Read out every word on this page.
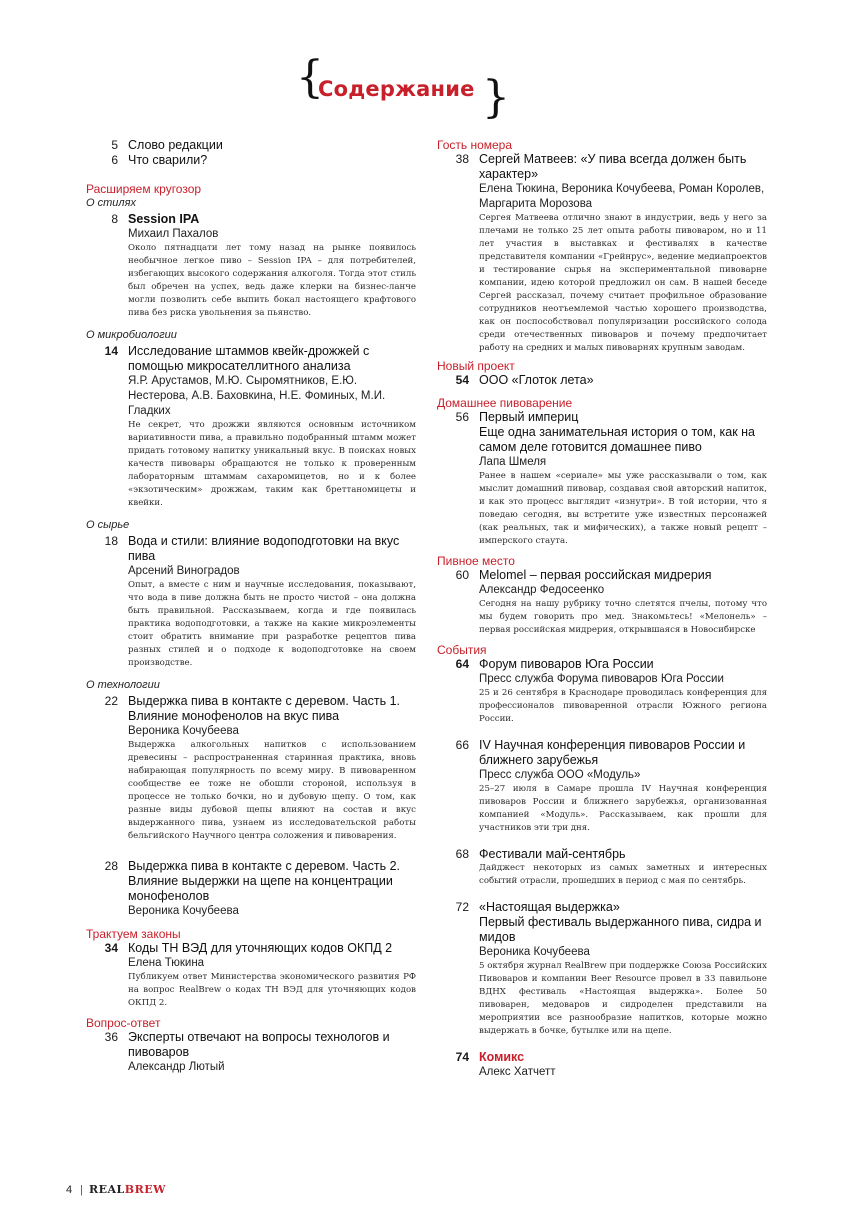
{
Содержание }
5 Слово редакции
6 Что сварили?
Расширяем кругозор
О стилях
8 Session IPA
Михаил Пахалов
Около пятнадцати лет тому назад на рынке появилось необычное легкое пиво – Session IPA – для потребителей, избегающих высокого содержания алкоголя. Тогда этот стиль был обречен на успех, ведь даже клерки на бизнес-ланче могли позволить себе выпить бокал настоящего крафтового пива без риска увольнения за пьянство.
О микробиологии
14 Исследование штаммов квейк-дрожжей с помощью микросателлитного анализа
Я.Р. Арустамов, М.Ю. Сыромятников, Е.Ю. Нестерова, А.В. Баховкина, Н.Е. Фоминых, М.И. Гладких
Не секрет, что дрожжи являются основным источником вариативности пива, а правильно подобранный штамм может придать готовому напитку уникальный вкус. В поисках новых качеств пивовары обращаются не только к проверенным лабораторным штаммам сахаромицетов, но и к более «экзотическим» дрожжам, таким как бреттаномицеты и квейки.
О сырье
18 Вода и стили: влияние водоподготовки на вкус пива
Арсений Виноградов
Опыт, а вместе с ним и научные исследования, показывают, что вода в пиве должна быть не просто чистой – она должна быть правильной. Рассказываем, когда и где появилась практика водоподготовки, а также на какие микроэлементы стоит обратить внимание при разработке рецептов пива разных стилей и о подходе к водоподготовке на своем производстве.
О технологии
22 Выдержка пива в контакте с деревом. Часть 1. Влияние монофенолов на вкус пива
Вероника Кочубеева
Выдержка алкогольных напитков с использованием древесины – распространенная старинная практика, вновь набирающая популярность по всему миру. В пивоваренном сообществе ее тоже не обошли стороной, используя в процессе не только бочки, но и дубовую щепу. О том, как разные виды дубовой щепы влияют на состав и вкус выдержанного пива, узнаем из исследовательской работы бельгийского Научного центра соложения и пивоварения.
28 Выдержка пива в контакте с деревом. Часть 2. Влияние выдержки на щепе на концентрации монофенолов
Вероника Кочубеева
Трактуем законы
34 Коды ТН ВЭД для уточняющих кодов ОКПД 2
Елена Тюкина
Публикуем ответ Министерства экономического развития РФ на вопрос RealBrew о кодах ТН ВЭД для уточняющих кодов ОКПД 2.
Вопрос-ответ
36 Эксперты отвечают на вопросы технологов и пивоваров
Александр Лютый
Гость номера
38 Сергей Матвеев: «У пива всегда должен быть характер»
Елена Тюкина, Вероника Кочубеева, Роман Королев, Маргарита Морозова
Сергея Матвеева отлично знают в индустрии, ведь у него за плечами не только 25 лет опыта работы пивоваром, но и 11 лет участия в выставках и фестивалях в качестве представителя компании «Грейнрус», ведение медиапроектов и тестирование сырья на экспериментальной пивоварне компании, идею которой предложил он сам. В нашей беседе Сергей рассказал, почему считает профильное образование сотрудников неотъемлемой частью хорошего производства, как он поспособствовал популяризации российского солода среди отечественных пивоваров и почему предпочитает работу на средних и малых пивоварнях крупным заводам.
Новый проект
54 ООО «Глоток лета»
Домашнее пивоварение
56 Первый империц
Еще одна занимательная история о том, как на самом деле готовится домашнее пиво
Лапа Шмеля
Ранее в нашем «сериале» мы уже рассказывали о том, как мыслит домашний пивовар, создавая свой авторский напиток, и как это процесс выглядит «изнутри». В той истории, что я поведаю сегодня, вы встретите уже известных персонажей (как реальных, так и мифических), а также новый рецепт – имперского стаута.
Пивное место
60 Melomel – первая российская мидрерия
Александр Федосеенко
Сегодня на нашу рубрику точно слетятся пчелы, потому что мы будем говорить про мед. Знакомьтесь! «Мелонель» – первая российская мидрерия, открывшаяся в Новосибирске
События
64 Форум пивоваров Юга России
Пресс служба Форума пивоваров Юга России
25 и 26 сентября в Краснодаре проводилась конференция для профессионалов пивоваренной отрасли Южного региона России.
66 IV Научная конференция пивоваров России и ближнего зарубежья
Пресс служба ООО «Модуль»
25–27 июля в Самаре прошла IV Научная конференция пивоваров России и ближнего зарубежья, организованная компанией «Модуль». Рассказываем, как прошли для участников эти три дня.
68 Фестивали май-сентябрь
Дайджест некоторых из самых заметных и интересных событий отрасли, прошедших в период с мая по сентябрь.
72 «Настоящая выдержка»
Первый фестиваль выдержанного пива, сидра и мидов
Вероника Кочубеева
5 октября журнал RealBrew при поддержке Союза Российских Пивоваров и компании Beer Resource провел в 33 павильоне ВДНХ фестиваль «Настоящая выдержка». Более 50 пивоварен, медоваров и сидроделен представили на мероприятии все разнообразие напитков, которые можно выдержать в бочке, бутылке или на щепе.
74 Комикс
Алекс Хатчетт
4 | REALBREW
